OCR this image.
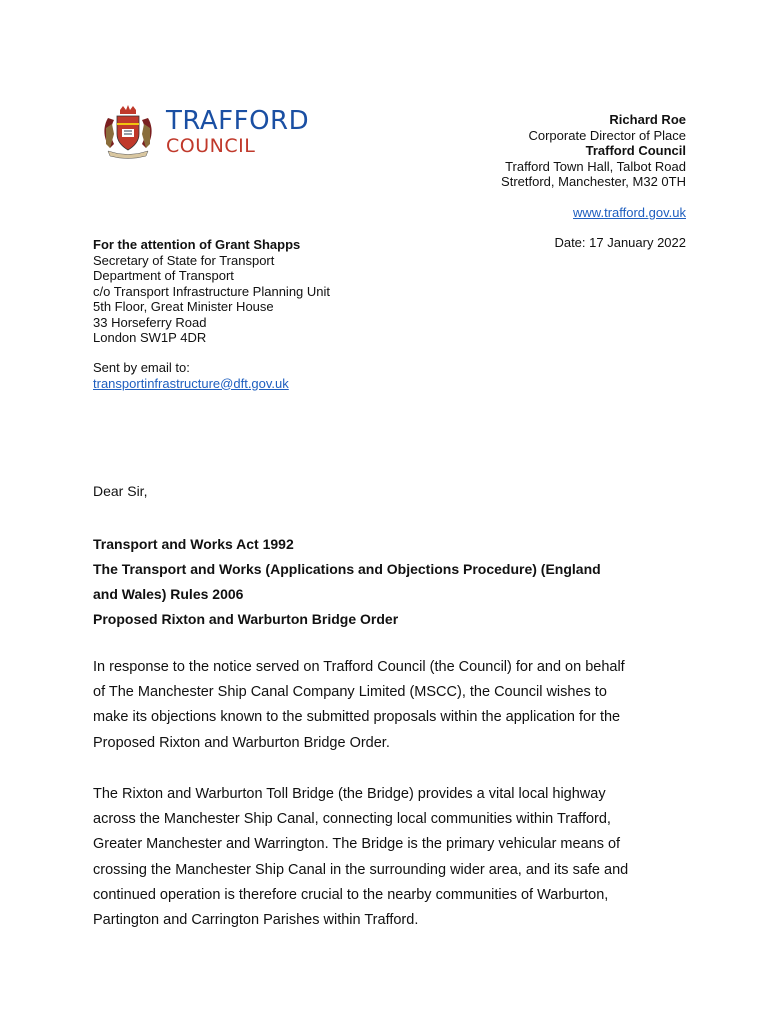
TRAFFORD
COUNCIL
Richard Roe
Corporate Director of Place
Trafford Council
Trafford Town Hall, Talbot Road
Stretford, Manchester, M32 0TH
www.trafford.gov.uk
Date: 17 January 2022
For the attention of Grant Shapps
Secretary of State for Transport
Department of Transport
c/o Transport Infrastructure Planning Unit
5th Floor, Great Minister House
33 Horseferry Road
London SW1P 4DR
Sent by email to:
transportinfrastructure@dft.gov.uk
Dear Sir,
Transport and Works Act 1992
The Transport and Works (Applications and Objections Procedure) (England
and Wales) Rules 2006
Proposed Rixton and Warburton Bridge Order
In response to the notice served on Trafford Council (the Council) for and on behalf
of The Manchester Ship Canal Company Limited (MSCC), the Council wishes to
make its objections known to the submitted proposals within the application for the
Proposed Rixton and Warburton Bridge Order.
The Rixton and Warburton Toll Bridge (the Bridge) provides a vital local highway
across the Manchester Ship Canal, connecting local communities within Trafford,
Greater Manchester and Warrington. The Bridge is the primary vehicular means of
crossing the Manchester Ship Canal in the surrounding wider area, and its safe and
continued operation is therefore crucial to the nearby communities of Warburton,
Partington and Carrington Parishes within Trafford.
